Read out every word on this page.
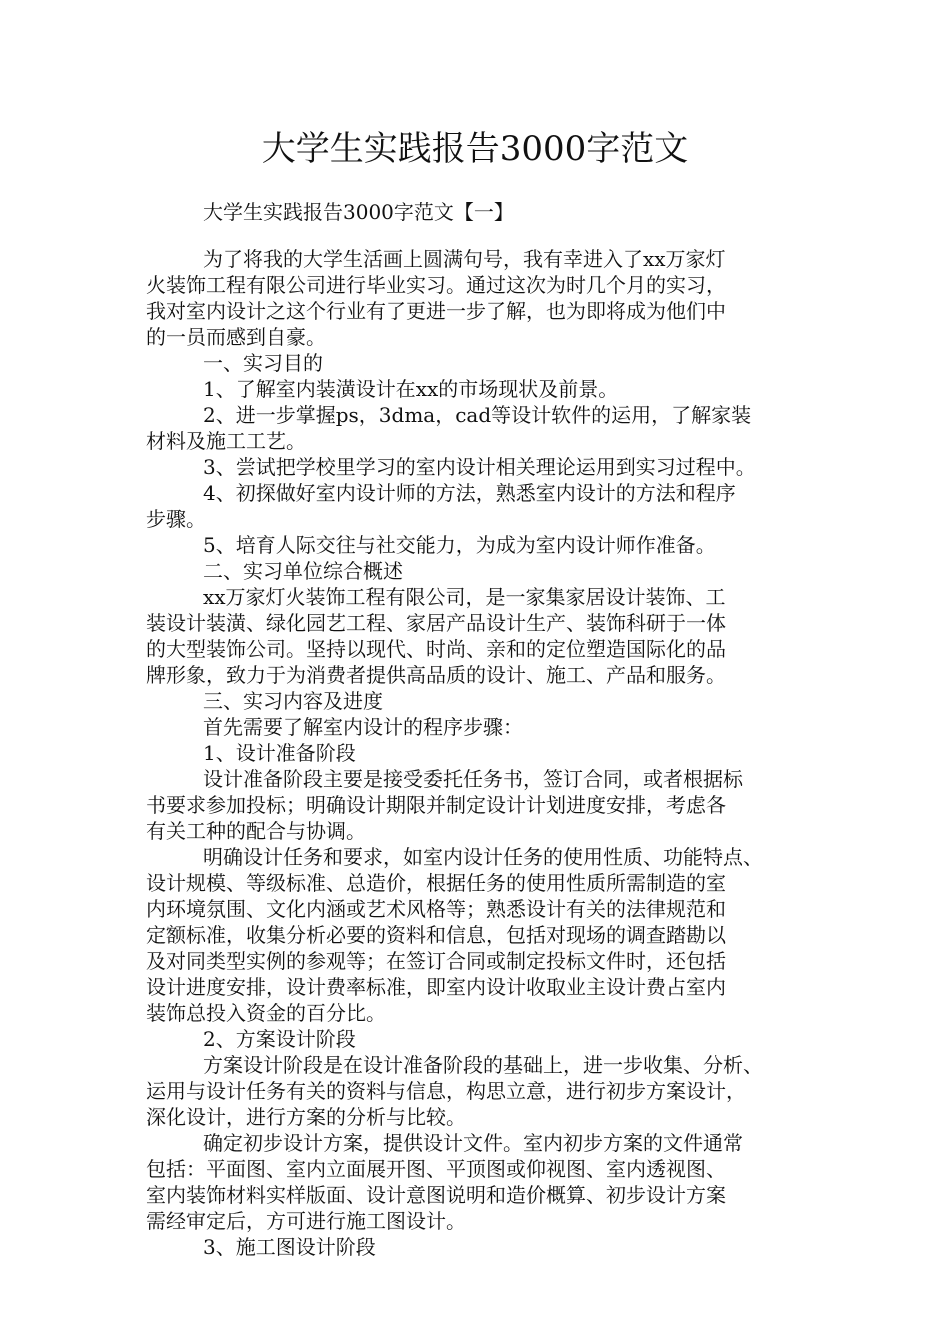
大学生实践报告3000字范文
大学生实践报告3000字范文【一】
为了将我的大学生活画上圆满句号，我有幸进入了xx万家灯
火装饰工程有限公司进行毕业实习。通过这次为时几个月的实习，
我对室内设计之这个行业有了更进一步了解，也为即将成为他们中
的一员而感到自豪。
一、实习目的
1、了解室内装潢设计在xx的市场现状及前景。
2、进一步掌握ps，3dma，cad等设计软件的运用，了解家装
材料及施工工艺。
3、尝试把学校里学习的室内设计相关理论运用到实习过程中。
4、初探做好室内设计师的方法，熟悉室内设计的方法和程序
步骤。
5、培育人际交往与社交能力，为成为室内设计师作准备。
二、实习单位综合概述
xx万家灯火装饰工程有限公司，是一家集家居设计装饰、工
装设计装潢、绿化园艺工程、家居产品设计生产、装饰科研于一体
的大型装饰公司。坚持以现代、时尚、亲和的定位塑造国际化的品
牌形象，致力于为消费者提供高品质的设计、施工、产品和服务。
三、实习内容及进度
首先需要了解室内设计的程序步骤：
1、设计准备阶段
设计准备阶段主要是接受委托任务书，签订合同，或者根据标
书要求参加投标；明确设计期限并制定设计计划进度安排，考虑各
有关工种的配合与协调。
明确设计任务和要求，如室内设计任务的使用性质、功能特点、
设计规模、等级标准、总造价，根据任务的使用性质所需制造的室
内环境氛围、文化内涵或艺术风格等；熟悉设计有关的法律规范和
定额标准，收集分析必要的资料和信息，包括对现场的调查踏勘以
及对同类型实例的参观等；在签订合同或制定投标文件时，还包括
设计进度安排，设计费率标准，即室内设计收取业主设计费占室内
装饰总投入资金的百分比。
2、方案设计阶段
方案设计阶段是在设计准备阶段的基础上，进一步收集、分析、
运用与设计任务有关的资料与信息，构思立意，进行初步方案设计，
深化设计，进行方案的分析与比较。
确定初步设计方案，提供设计文件。室内初步方案的文件通常
包括：平面图、室内立面展开图、平顶图或仰视图、室内透视图、
室内装饰材料实样版面、设计意图说明和造价概算、初步设计方案
需经审定后，方可进行施工图设计。
3、施工图设计阶段
